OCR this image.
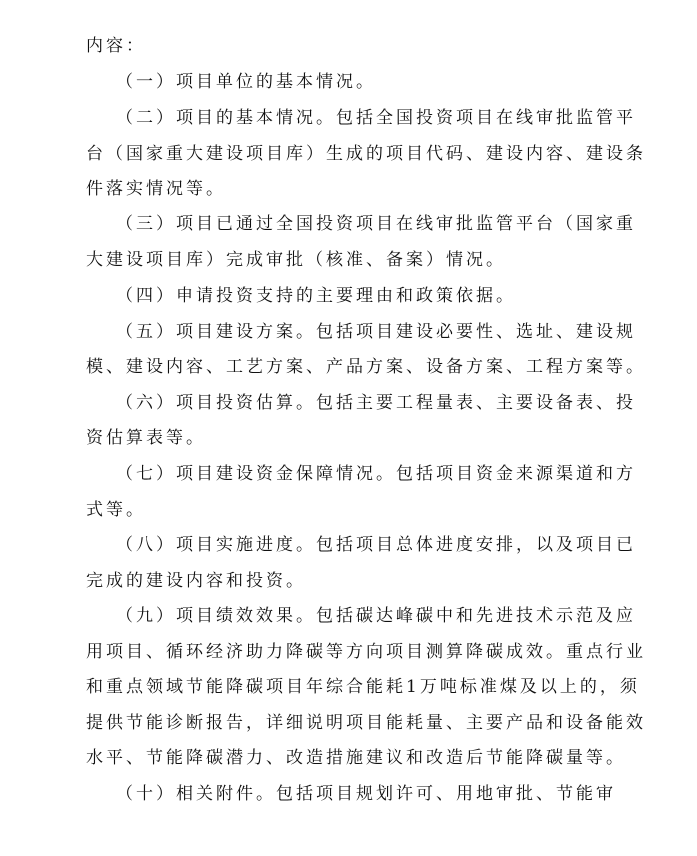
内容：
（一）项目单位的基本情况。
（二）项目的基本情况。包括全国投资项目在线审批监管平
台（国家重大建设项目库）生成的项目代码、建设内容、建设条
件落实情况等。
（三）项目已通过全国投资项目在线审批监管平台（国家重
大建设项目库）完成审批（核准、备案）情况。
（四）申请投资支持的主要理由和政策依据。
（五）项目建设方案。包括项目建设必要性、选址、建设规
模、建设内容、工艺方案、产品方案、设备方案、工程方案等。
（六）项目投资估算。包括主要工程量表、主要设备表、投
资估算表等。
（七）项目建设资金保障情况。包括项目资金来源渠道和方
式等。
（八）项目实施进度。包括项目总体进度安排，以及项目已
完成的建设内容和投资。
（九）项目绩效效果。包括碳达峰碳中和先进技术示范及应
用项目、循环经济助力降碳等方向项目测算降碳成效。重点行业
和重点领域节能降碳项目年综合能耗1万吨标准煤及以上的，须
提供节能诊断报告，详细说明项目能耗量、主要产品和设备能效
水平、节能降碳潜力、改造措施建议和改造后节能降碳量等。
（十）相关附件。包括项目规划许可、用地审批、节能审
